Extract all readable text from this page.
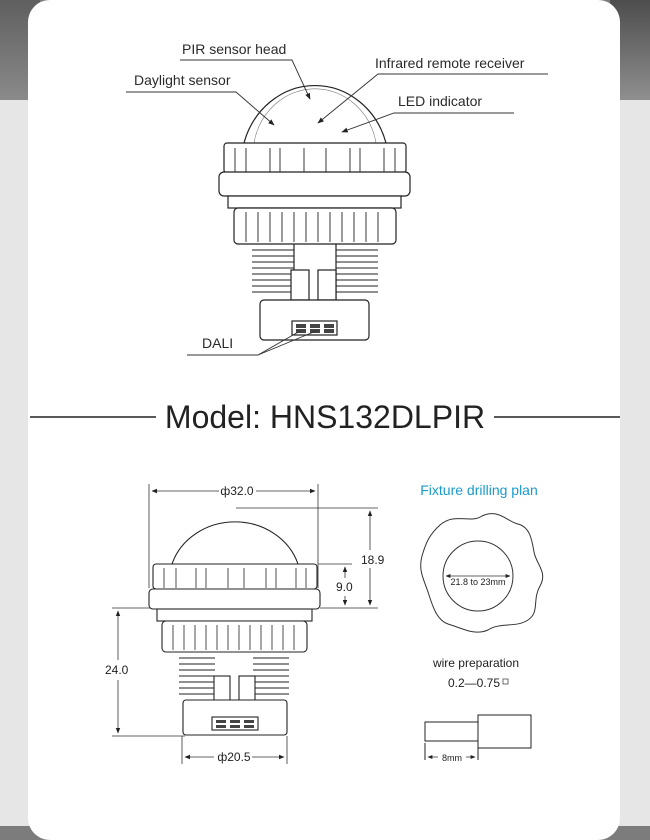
PIR sensor head
Daylight sensor
Infrared remote receiver
LED indicator
DALI
Model: HNS132DLPIR
ф32.0
18.9
9.0
24.0
ф20.5
Fixture drilling plan
21.8 to 23mm
wire preparation
0.2—0.75
8mm
